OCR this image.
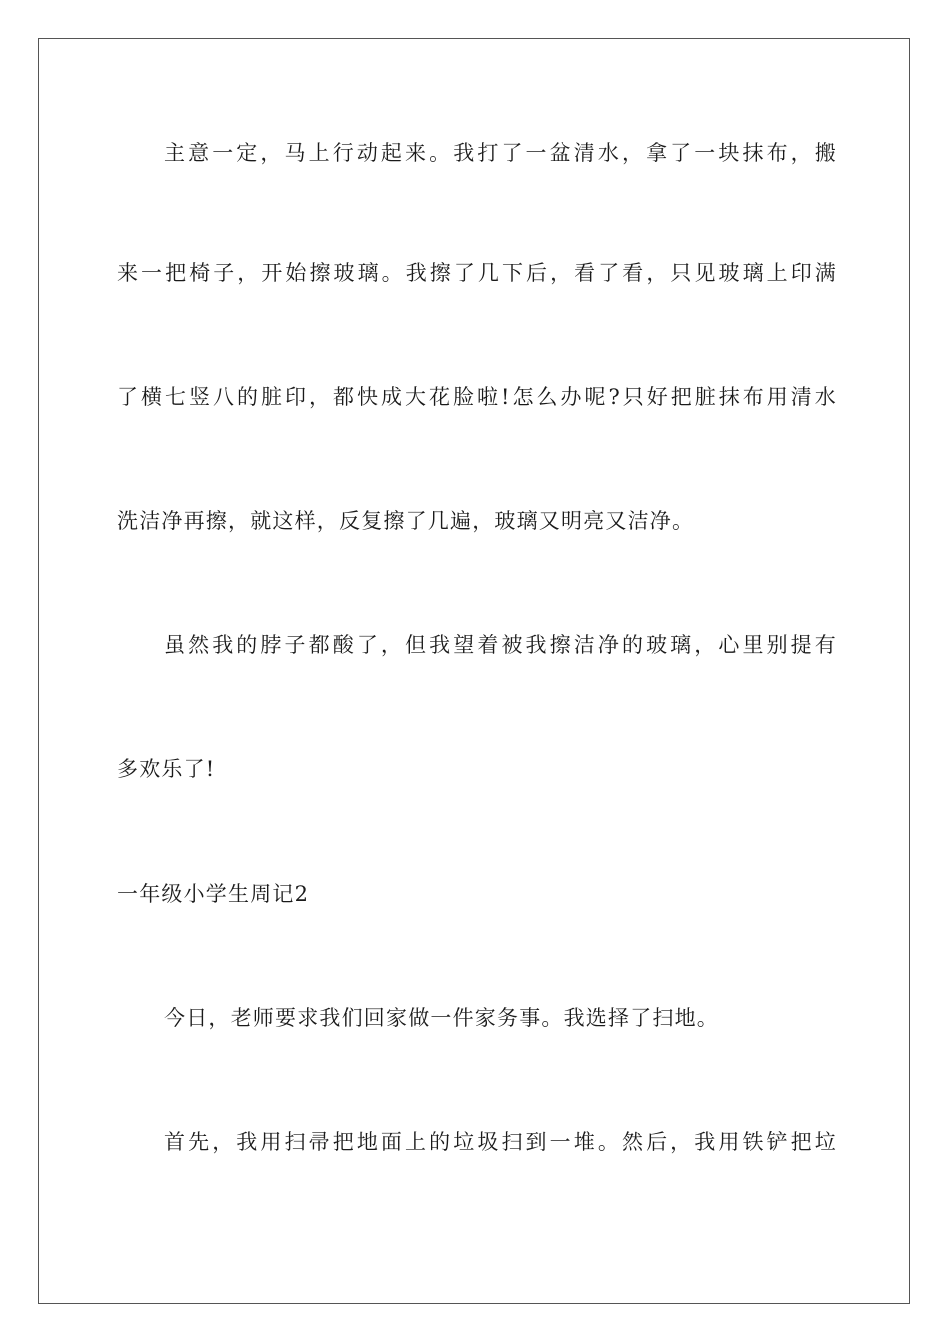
主意一定，马上行动起来。我打了一盆清水，拿了一块抹布，搬
来一把椅子，开始擦玻璃。我擦了几下后，看了看，只见玻璃上印满
了横七竖八的脏印，都快成大花脸啦!怎么办呢?只好把脏抹布用清水
洗洁净再擦，就这样，反复擦了几遍，玻璃又明亮又洁净。
虽然我的脖子都酸了，但我望着被我擦洁净的玻璃，心里别提有
多欢乐了!
一年级小学生周记2
今日，老师要求我们回家做一件家务事。我选择了扫地。
首先，我用扫帚把地面上的垃圾扫到一堆。然后，我用铁铲把垃
